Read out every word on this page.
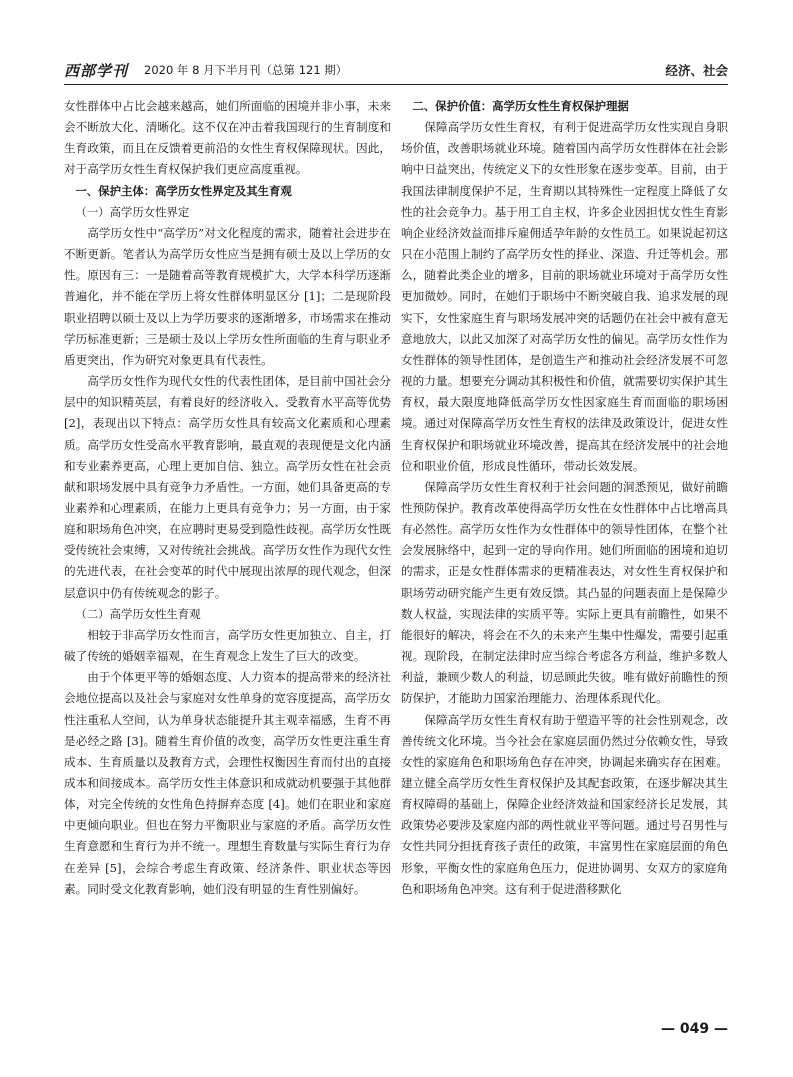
西部学刊 2020 年 8 月下半月刊（总第 121 期）	经济、社会

女性群体中占比会越来越高，她们所面临的困境并非小事，未来会不断放大化、清晰化。这不仅在冲击着我国现行的生育制度和生育政策，而且在反馈着更前沿的女性生育权保障现状。因此，对于高学历女性生育权保护我们更应高度重视。

一、保护主体：高学历女性界定及其生育观

（一）高学历女性界定

高学历女性中“高学历”对文化程度的需求，随着社会进步在不断更新。笔者认为高学历女性应当是拥有硕士及以上学历的女性。原因有三：一是随着高等教育规模扩大，大学本科学历逐渐普遍化，并不能在学历上将女性群体明显区分 [1]；二是现阶段职业招聘以硕士及以上为学历要求的逐渐增多，市场需求在推动学历标准更新；三是硕士及以上学历女性所面临的生育与职业矛盾更突出，作为研究对象更具有代表性。

高学历女性作为现代女性的代表性团体，是目前中国社会分层中的知识精英层，有着良好的经济收入、受教育水平高等优势 [2]，表现出以下特点：高学历女性具有较高文化素质和心理素质。高学历女性受高水平教育影响，最直观的表现便是文化内涵和专业素养更高，心理上更加自信、独立。高学历女性在社会贡献和职场发展中具有竞争力矛盾性。一方面，她们具备更高的专业素养和心理素质，在能力上更具有竞争力；另一方面，由于家庭和职场角色冲突，在应聘时更易受到隐性歧视。高学历女性既受传统社会束缚，又对传统社会挑战。高学历女性作为现代女性的先进代表，在社会变革的时代中展现出浓厚的现代观念，但深层意识中仍有传统观念的影子。

（二）高学历女性生育观

相较于非高学历女性而言，高学历女性更加独立、自主，打破了传统的婚姻幸福观，在生育观念上发生了巨大的改变。

由于个体更平等的婚姻态度、人力资本的提高带来的经济社会地位提高以及社会与家庭对女性单身的宽容度提高，高学历女性注重私人空间，认为单身状态能提升其主观幸福感，生育不再是必经之路 [3]。随着生育价值的改变，高学历女性更注重生育成本、生育质量以及教育方式，会理性权衡因生育而付出的直接成本和间接成本。高学历女性主体意识和成就动机要强于其他群体，对完全传统的女性角色持摒弃态度 [4]。她们在职业和家庭中更倾向职业。但也在努力平衡职业与家庭的矛盾。高学历女性生育意愿和生育行为并不统一。理想生育数量与实际生育行为存在差异 [5]，会综合考虑生育政策、经济条件、职业状态等因素。同时受文化教育影响，她们没有明显的生育性别偏好。

二、保护价值：高学历女性生育权保护理据

保障高学历女性生育权，有利于促进高学历女性实现自身职场价值，改善职场就业环境。随着国内高学历女性群体在社会影响中日益突出，传统定义下的女性形象在逐步变革。目前，由于我国法律制度保护不足，生育期以其特殊性一定程度上降低了女性的社会竞争力。基于用工自主权，许多企业因担忧女性生育影响企业经济效益而排斥雇佣适孕年龄的女性员工。如果说起初这只在小范围上制约了高学历女性的择业、深造、升迁等机会。那么，随着此类企业的增多，目前的职场就业环境对于高学历女性更加微妙。同时，在她们于职场中不断突破自我、追求发展的现实下，女性家庭生育与职场发展冲突的话题仍在社会中被有意无意地放大，以此又加深了对高学历女性的偏见。高学历女性作为女性群体的领导性团体，是创造生产和推动社会经济发展不可忽视的力量。想要充分调动其积极性和价值，就需要切实保护其生育权，最大限度地降低高学历女性因家庭生育而面临的职场困境。通过对保障高学历女性生育权的法律及政策设计，促进女性生育权保护和职场就业环境改善，提高其在经济发展中的社会地位和职业价值，形成良性循环，带动长效发展。

保障高学历女性生育权利于社会问题的洞悉预见，做好前瞻性预防保护。教育改革使得高学历女性在女性群体中占比增高具有必然性。高学历女性作为女性群体中的领导性团体，在整个社会发展脉络中，起到一定的导向作用。她们所面临的困境和迫切的需求，正是女性群体需求的更精准表达，对女性生育权保护和职场劳动研究能产生更有效反馈。其凸显的问题表面上是保障少数人权益，实现法律的实质平等。实际上更具有前瞻性，如果不能很好的解决，将会在不久的未来产生集中性爆发，需要引起重视。现阶段，在制定法律时应当综合考虑各方利益，维护多数人利益，兼顾少数人的利益，切忌顾此失彼。唯有做好前瞻性的预防保护，才能助力国家治理能力、治理体系现代化。

保障高学历女性生育权有助于塑造平等的社会性别观念，改善传统文化环境。当今社会在家庭层面仍然过分依赖女性，导致女性的家庭角色和职场角色存在冲突，协调起来确实存在困难。建立健全高学历女性生育权保护及其配套政策，在逐步解决其生育权障碍的基础上，保障企业经济效益和国家经济长足发展，其政策势必要涉及家庭内部的两性就业平等问题。通过号召男性与女性共同分担抚育孩子责任的政策，丰富男性在家庭层面的角色形象，平衡女性的家庭角色压力，促进协调男、女双方的家庭角色和职场角色冲突。这有利于促进潜移默化

— 049 —
